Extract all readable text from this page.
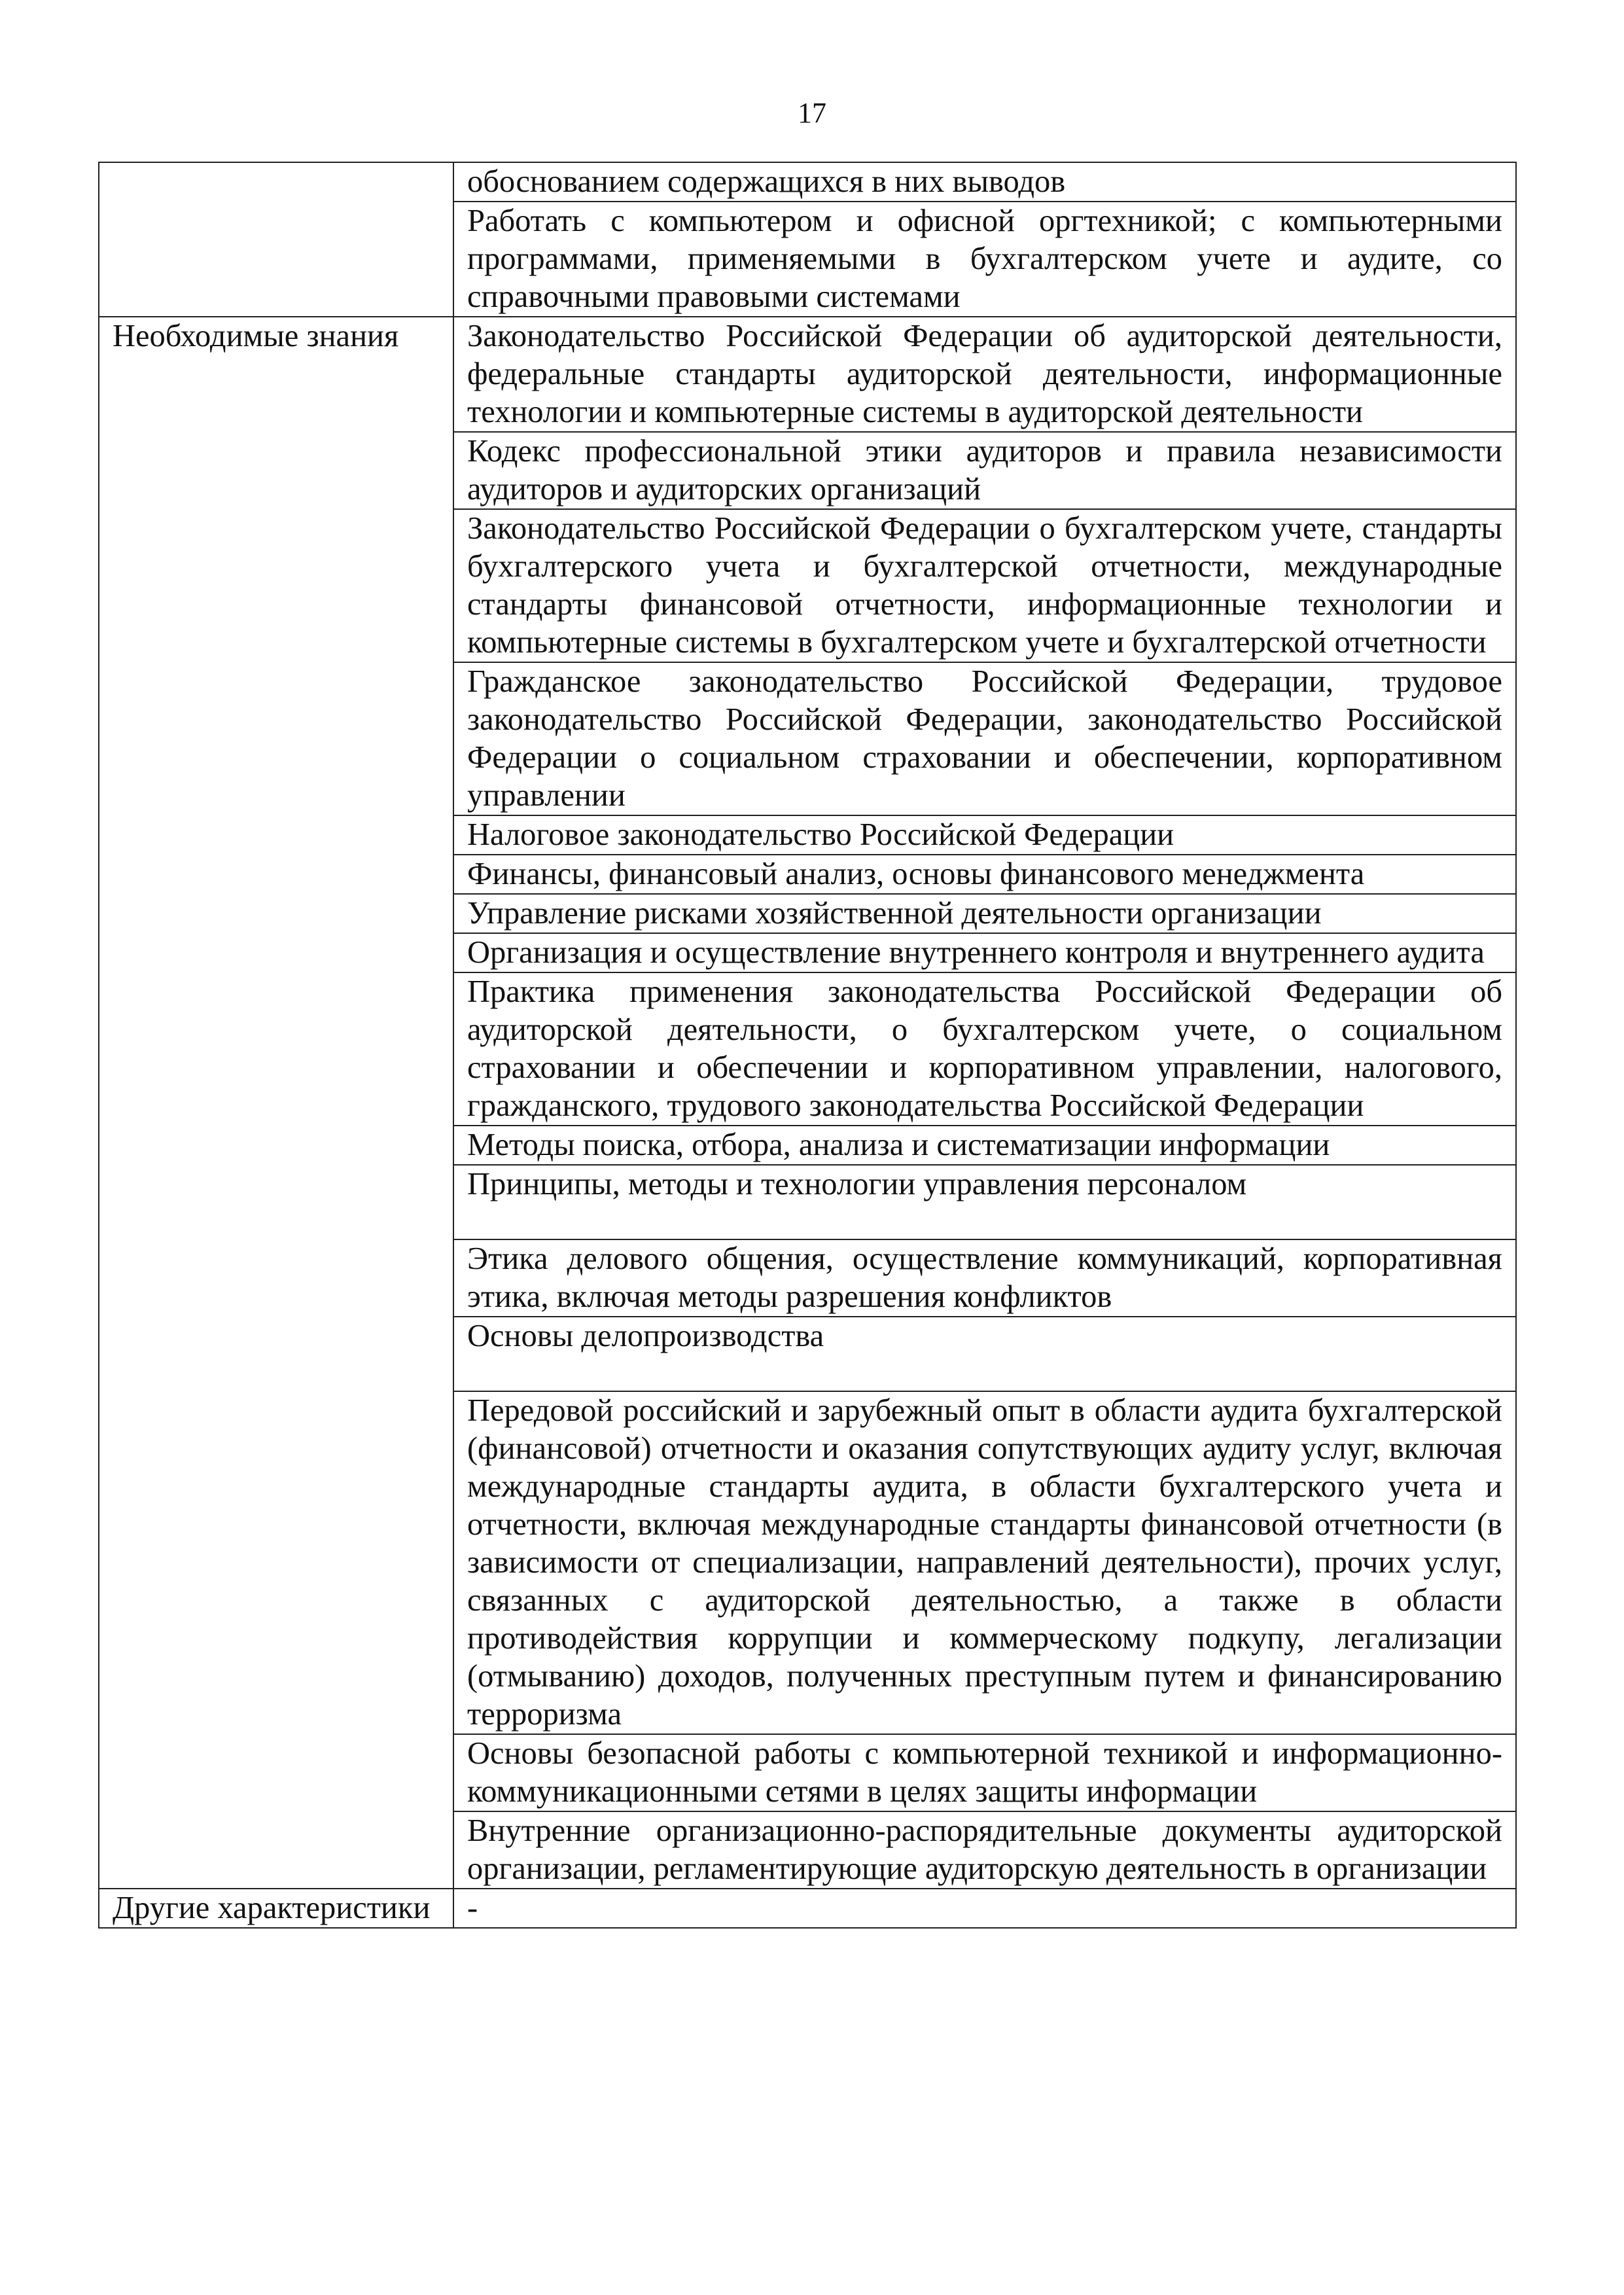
17
	обоснованием содержащихся в них выводов
	Работать с компьютером и офисной оргтехникой; с компьютерными программами, применяемыми в бухгалтерском учете и аудите, со справочными правовыми системами
Необходимые знания	Законодательство Российской Федерации об аудиторской деятельности, федеральные стандарты аудиторской деятельности, информационные технологии и компьютерные системы в аудиторской деятельности
	Кодекс профессиональной этики аудиторов и правила независимости аудиторов и аудиторских организаций
	Законодательство Российской Федерации о бухгалтерском учете, стандарты бухгалтерского учета и бухгалтерской отчетности, международные стандарты финансовой отчетности, информационные технологии и компьютерные системы в бухгалтерском учете и бухгалтерской отчетности
	Гражданское законодательство Российской Федерации, трудовое законодательство Российской Федерации, законодательство Российской Федерации о социальном страховании и обеспечении, корпоративном управлении
	Налоговое законодательство Российской Федерации
	Финансы, финансовый анализ, основы финансового менеджмента
	Управление рисками хозяйственной деятельности организации
	Организация и осуществление внутреннего контроля и внутреннего аудита
	Практика применения законодательства Российской Федерации об аудиторской деятельности, о бухгалтерском учете, о социальном страховании и обеспечении и корпоративном управлении, налогового, гражданского, трудового законодательства Российской Федерации
	Методы поиска, отбора, анализа и систематизации информации
	Принципы, методы и технологии управления персоналом
	Этика делового общения, осуществление коммуникаций, корпоративная этика, включая методы разрешения конфликтов
	Основы делопроизводства
	Передовой российский и зарубежный опыт в области аудита бухгалтерской (финансовой) отчетности и оказания сопутствующих аудиту услуг, включая международные стандарты аудита, в области бухгалтерского учета и отчетности, включая международные стандарты финансовой отчетности (в зависимости от специализации, направлений деятельности), прочих услуг, связанных с аудиторской деятельностью, а также в области противодействия коррупции и коммерческому подкупу, легализации (отмыванию) доходов, полученных преступным путем и финансированию терроризма
	Основы безопасной работы с компьютерной техникой и информационно-коммуникационными сетями в целях защиты информации
	Внутренние организационно-распорядительные документы аудиторской организации, регламентирующие аудиторскую деятельность в организации
Другие характеристики	-
